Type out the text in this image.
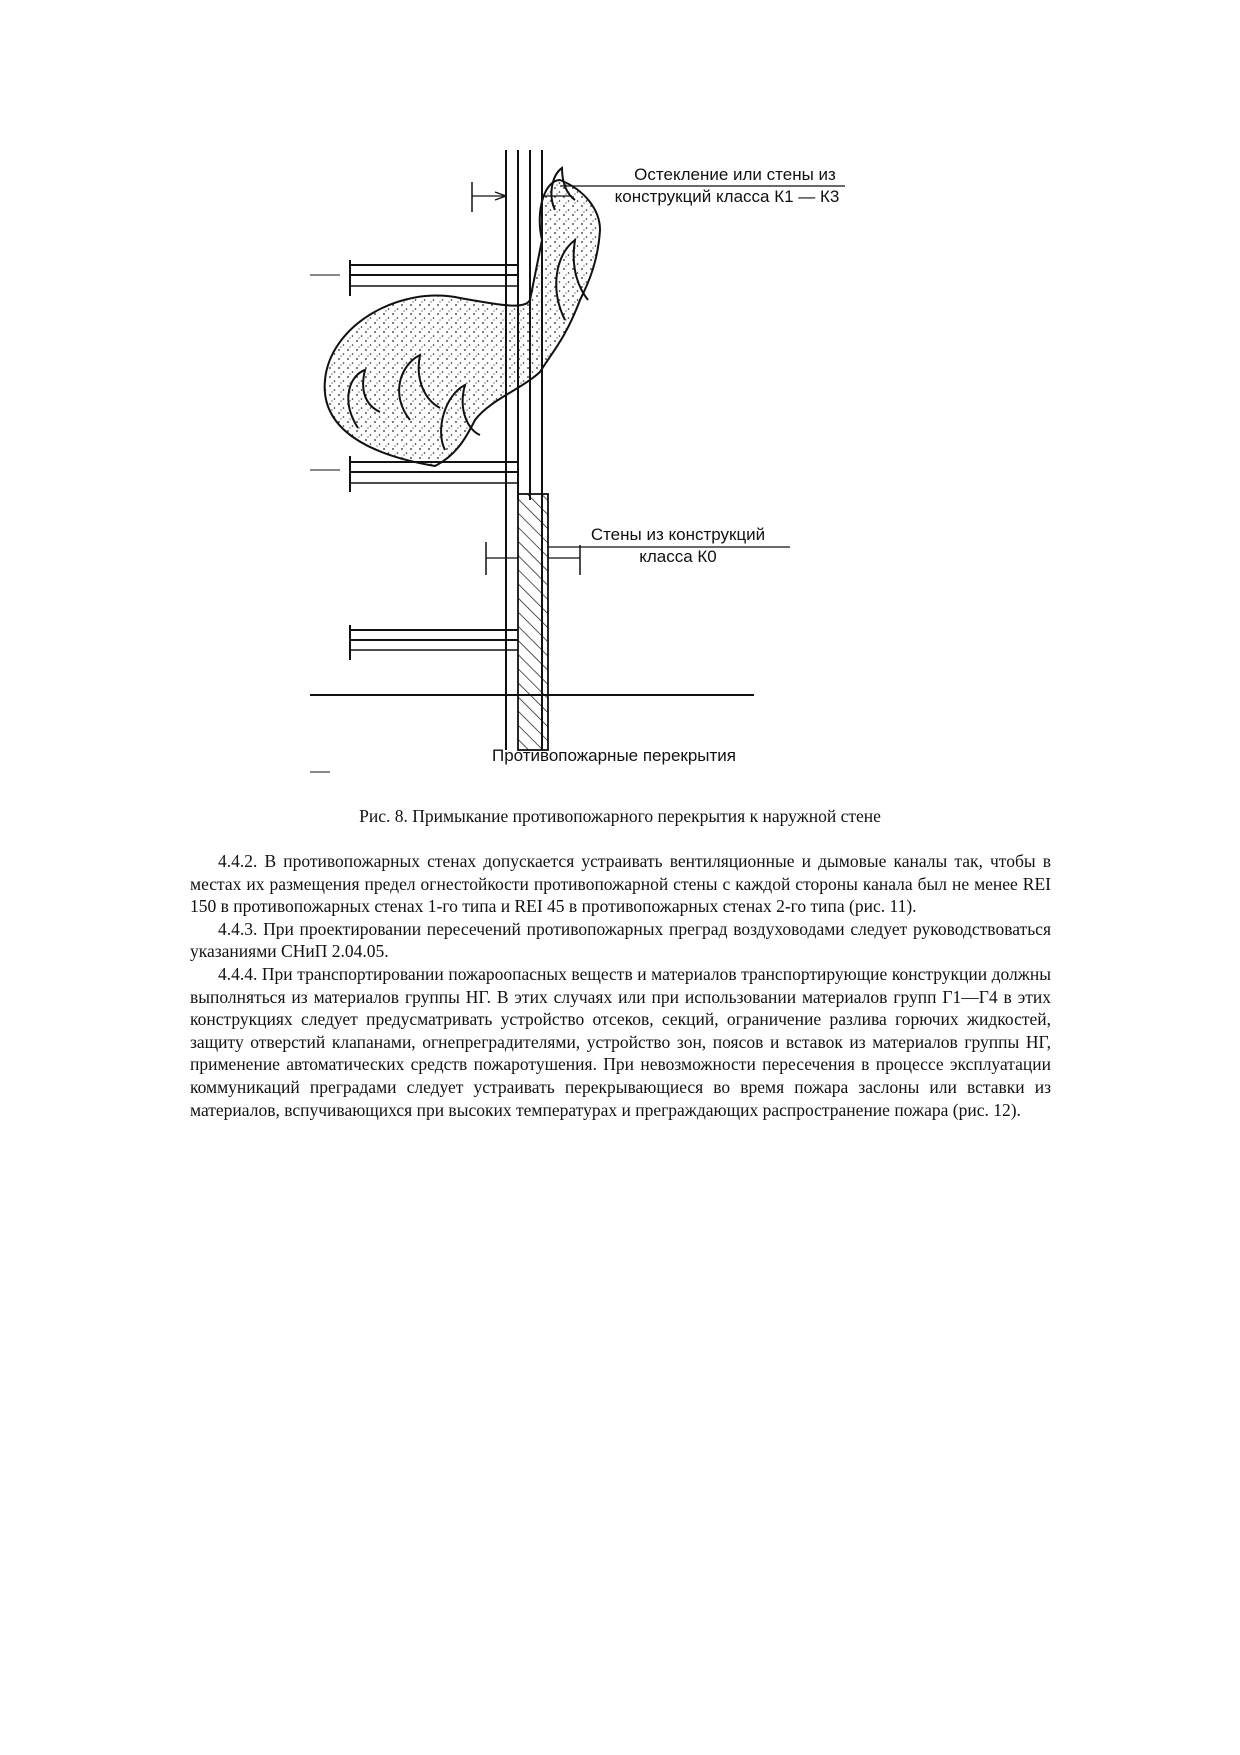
Остекление или стены из
конструкций класса К1 — К3
Стены из конструкций
класса К0
Противопожарные перекрытия

Рис. 8. Примыкание противопожарного перекрытия к наружной стене

4.4.2. В противопожарных стенах допускается устраивать вентиляционные и дымовые каналы так, чтобы в местах их размещения предел огнестойкости противопожарной стены с каждой стороны канала был не менее REI 150 в противопожарных стенах 1-го типа и REI 45 в противопожарных стенах 2-го типа (рис. 11).

4.4.3. При проектировании пересечений противопожарных преград воздуховодами следует руководствоваться указаниями СНиП 2.04.05.

4.4.4. При транспортировании пожароопасных веществ и материалов транспортирующие конструкции должны выполняться из материалов группы НГ. В этих случаях или при использовании материалов групп Г1—Г4 в этих конструкциях следует предусматривать устройство отсеков, секций, ограничение разлива горючих жидкостей, защиту отверстий клапанами, огнепреградителями, устройство зон, поясов и вставок из материалов группы НГ, применение автоматических средств пожаротушения. При невозможности пересечения в процессе эксплуатации коммуникаций преградами следует устраивать перекрывающиеся во время пожара заслоны или вставки из материалов, вспучивающихся при высоких температурах и преграждающих распространение пожара (рис. 12).
